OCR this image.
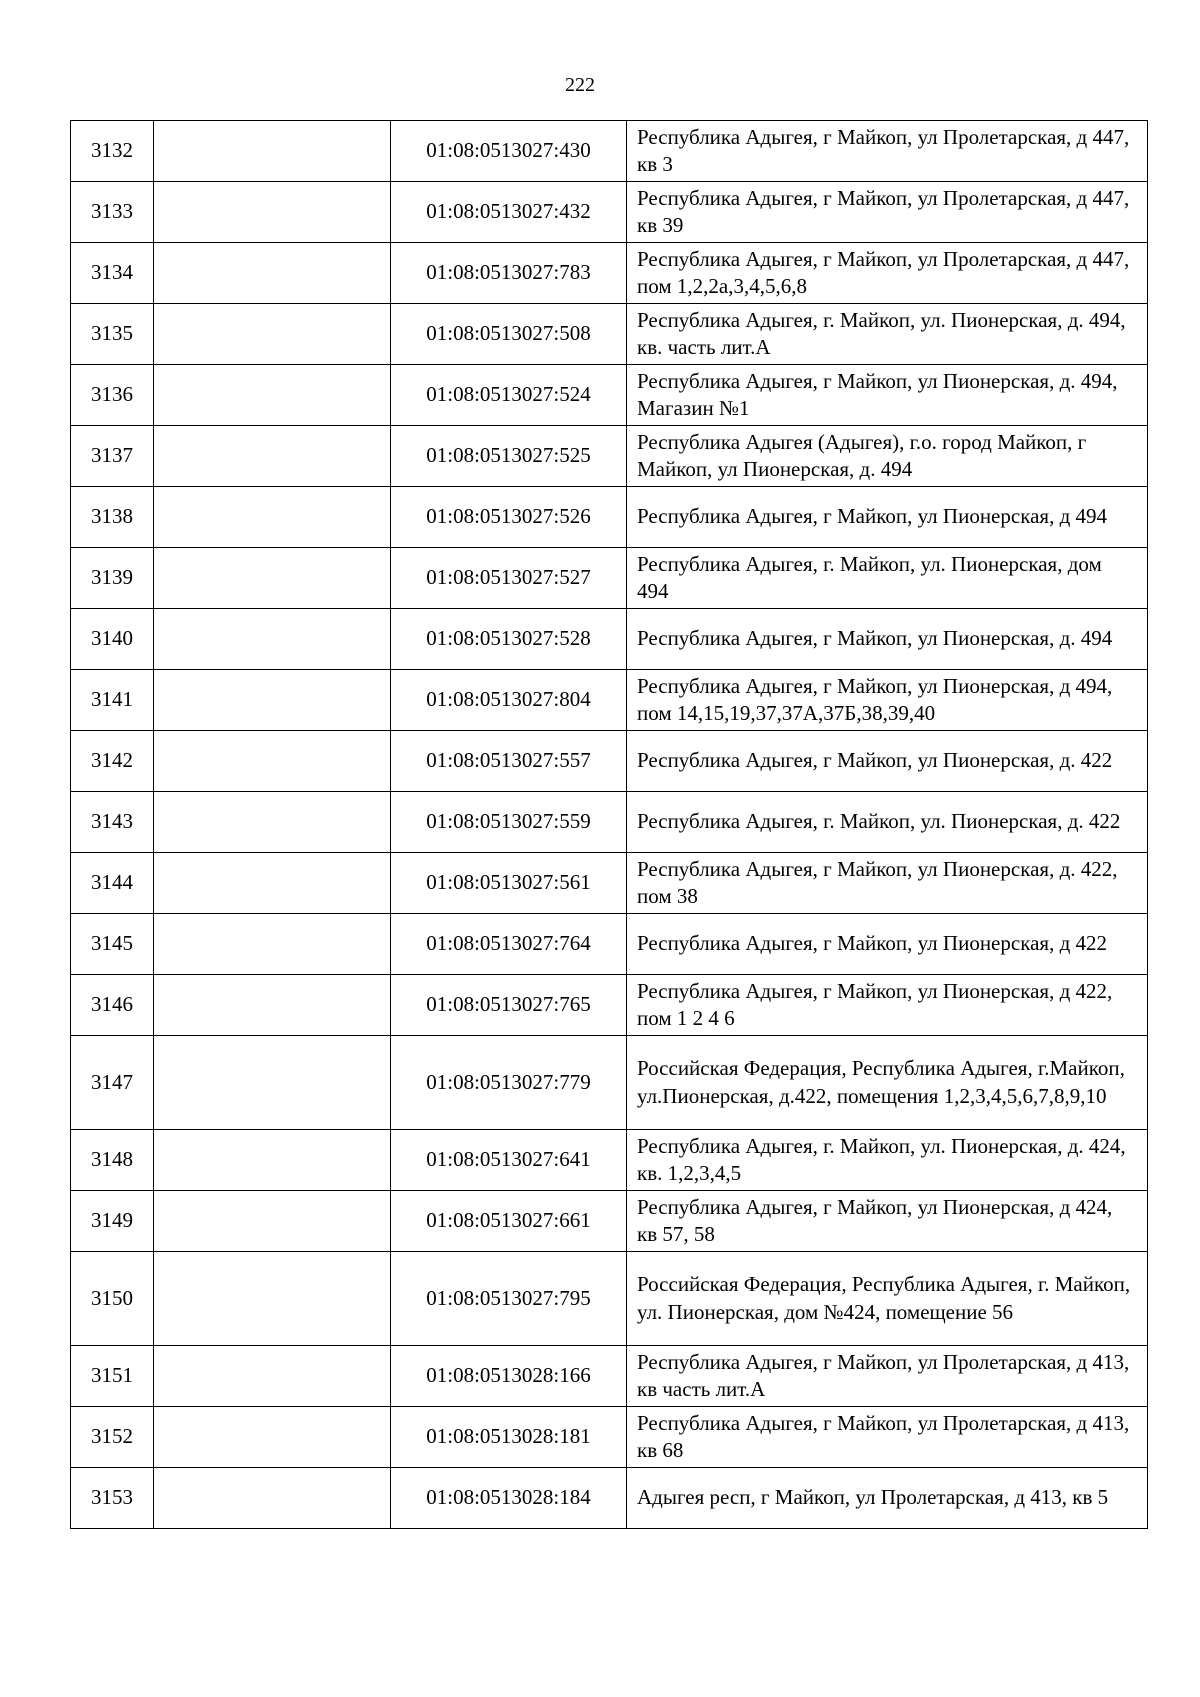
222
3132		01:08:0513027:430	Республика Адыгея, г Майкоп, ул Пролетарская, д 447, кв 3
3133		01:08:0513027:432	Республика Адыгея, г Майкоп, ул Пролетарская, д 447, кв 39
3134		01:08:0513027:783	Республика Адыгея, г Майкоп, ул Пролетарская, д 447, пом 1,2,2а,3,4,5,6,8
3135		01:08:0513027:508	Республика Адыгея, г. Майкоп, ул. Пионерская, д. 494, кв. часть лит.А
3136		01:08:0513027:524	Республика Адыгея, г Майкоп, ул Пионерская, д. 494, Магазин №1
3137		01:08:0513027:525	Республика Адыгея (Адыгея), г.о. город Майкоп, г Майкоп, ул Пионерская, д. 494
3138		01:08:0513027:526	Республика Адыгея, г Майкоп, ул Пионерская, д 494
3139		01:08:0513027:527	Республика Адыгея, г. Майкоп, ул. Пионерская, дом 494
3140		01:08:0513027:528	Республика Адыгея, г Майкоп, ул Пионерская, д. 494
3141		01:08:0513027:804	Республика Адыгея, г Майкоп, ул Пионерская, д 494, пом 14,15,19,37,37А,37Б,38,39,40
3142		01:08:0513027:557	Республика Адыгея, г Майкоп, ул Пионерская, д. 422
3143		01:08:0513027:559	Республика Адыгея, г. Майкоп, ул. Пионерская, д. 422
3144		01:08:0513027:561	Республика Адыгея, г Майкоп, ул Пионерская, д. 422, пом 38
3145		01:08:0513027:764	Республика Адыгея, г Майкоп, ул Пионерская, д 422
3146		01:08:0513027:765	Республика Адыгея, г Майкоп, ул Пионерская, д 422, пом 1 2 4 6
3147		01:08:0513027:779	Российская Федерация, Республика Адыгея, г.Майкоп, ул.Пионерская, д.422, помещения 1,2,3,4,5,6,7,8,9,10
3148		01:08:0513027:641	Республика Адыгея, г. Майкоп, ул. Пионерская, д. 424, кв. 1,2,3,4,5
3149		01:08:0513027:661	Республика Адыгея, г Майкоп, ул Пионерская, д 424, кв 57, 58
3150		01:08:0513027:795	Российская Федерация, Республика Адыгея, г. Майкоп, ул. Пионерская, дом №424, помещение 56
3151		01:08:0513028:166	Республика Адыгея, г Майкоп, ул Пролетарская, д 413, кв часть лит.А
3152		01:08:0513028:181	Республика Адыгея, г Майкоп, ул Пролетарская, д 413, кв 68
3153		01:08:0513028:184	Адыгея респ, г Майкоп, ул Пролетарская, д 413, кв 5
